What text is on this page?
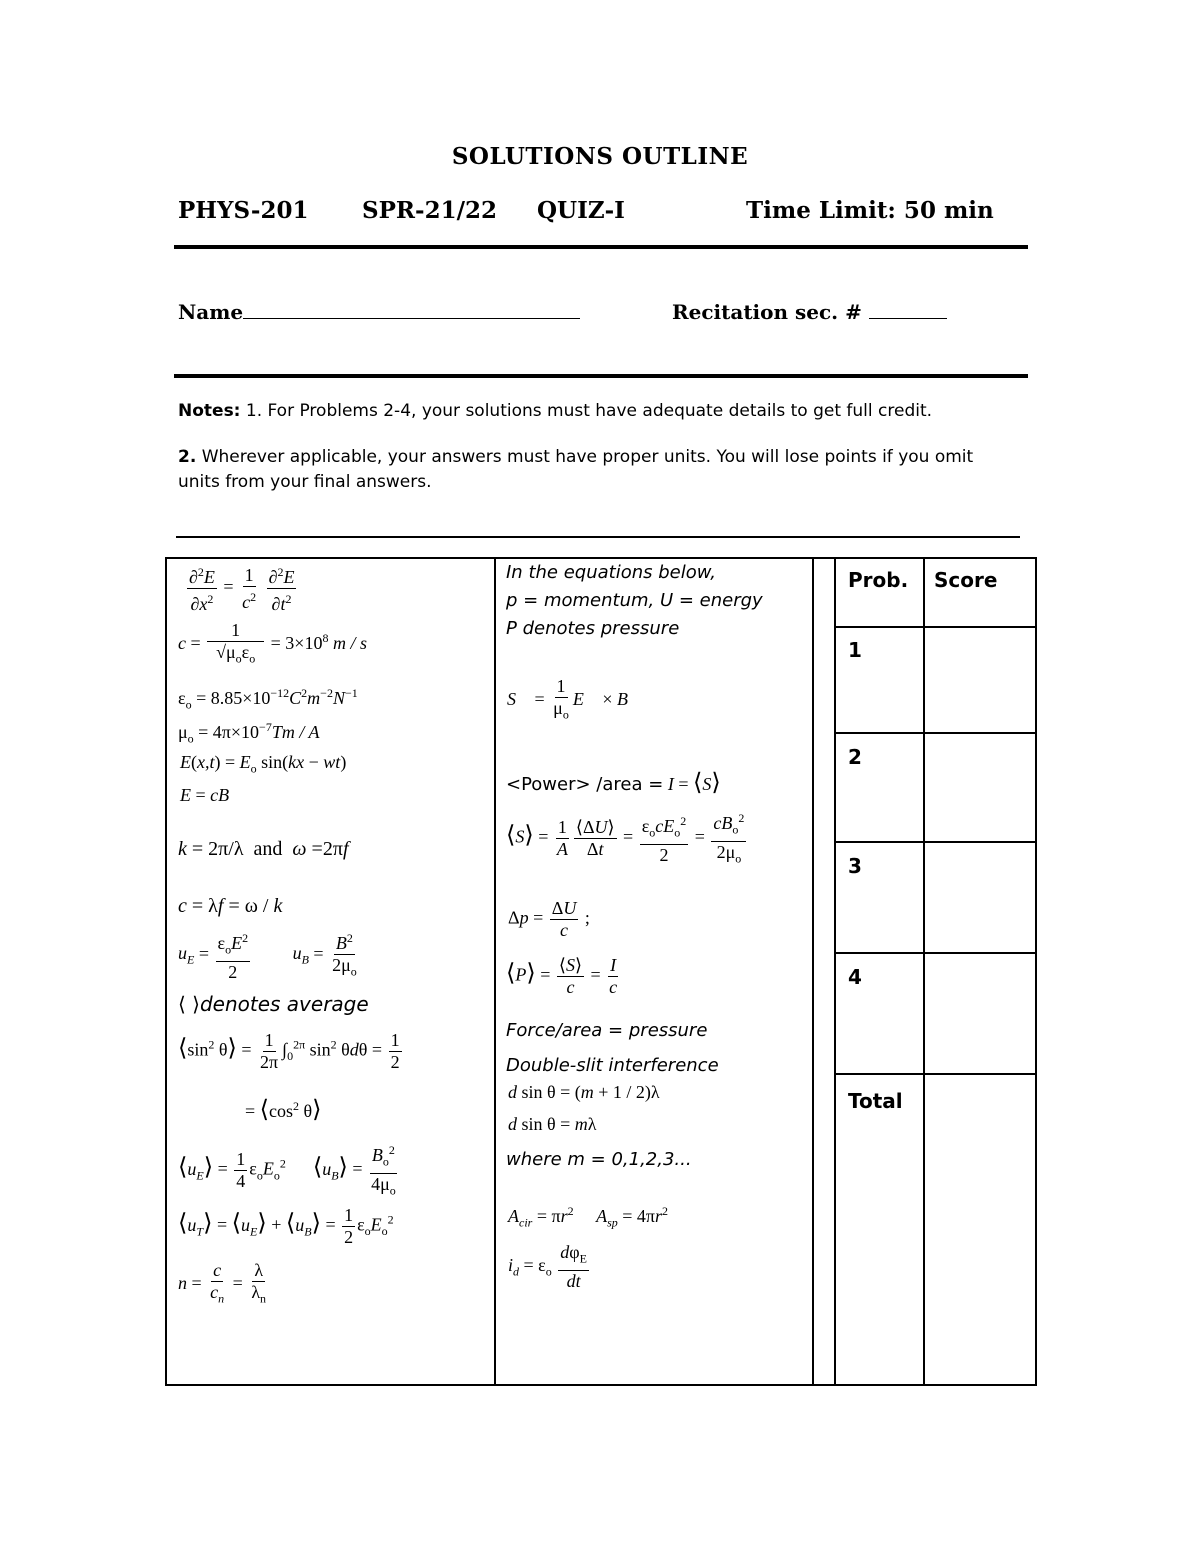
SOLUTIONS OUTLINE
PHYS-201 SPR-21/22 QUIZ-I	Time Limit: 50 min
Name	Recitation sec. #
Notes: 1. For Problems 2-4, your solutions must have adequate details to get full credit.
2. Wherever applicable, your answers must have proper units. You will lose points if you omit units from your final answers.
Prob. Score
1
2
3
4
Total
$\frac{\partial^2E}{\partial x^2} = \frac{1}{c^2}$
$\frac{\partial^2E}{\partial t^2}$
$c = \frac{1}{√\mu_o\varepsilon_o} = 3\times 10^8$ m / s
$\varepsilon_o = 8.85\times 10^{-12}C^2m^{-2}N^{-1}$
$\mu_o = 4\pi\times 10^{-7}Tm / A$
$E(x,t) = E_o$ sin(kx − wt)
E = cB
k = 2π/λ  and ω =2πf
c = λf = ω / k
$u_E = \frac{\varepsilon_oE^2}{2} u_B = \frac{B^2}{2\mu_o}$
⟨ ⟩denotes average
$⟨\sin^2$ θ⟩ = $\frac{1}{2\pi} \int_0^{2\pi}$ $\sin^2 \theta d\theta = \frac{1}{2}$
= $⟨\cos^2$ θ⟩
$⟨u_E⟩ = \frac{1}{4} \varepsilon_oE_o^2$ $⟨u_B⟩ = \frac{B_o^2}{4\mu_o}$
$⟨u_T⟩$ = $⟨u_E⟩$ + $⟨u_B⟩ = \frac{1}{2} \varepsilon_oE_o^2$
$n = \frac{c}{c_n} = \frac{\lambda}{\lambda_n}$
In the equations below,
p = momentum, U = energy
P denotes pressure
S⃗ = $\frac{1}{\mu_o}$ E⃗ × B⃗
<Power> /area = I = ⟨S⟩
⟨S⟩ = $\frac{1}{A} \frac{⟨\Delta U⟩}{\Delta t} = \frac{\varepsilon_ocE_o^2}{2} = \frac{cB_o^2}{2\mu_o}$
$\Delta p = \frac{\Delta U}{c}$ ;
⟨P⟩ = $\frac{⟨S⟩}{c} = \frac{I}{c}$
Force/area = pressure
Double-slit interference
d sin θ = (m + 1 / 2)λ
d sin θ = mλ
where m = 0,1,2,3...
$A_{cir} = \pi r^2$ $A_{sp} = 4\pi r^2$
$i_d = \varepsilon_o \frac{d\varphi_E}{dt}$
